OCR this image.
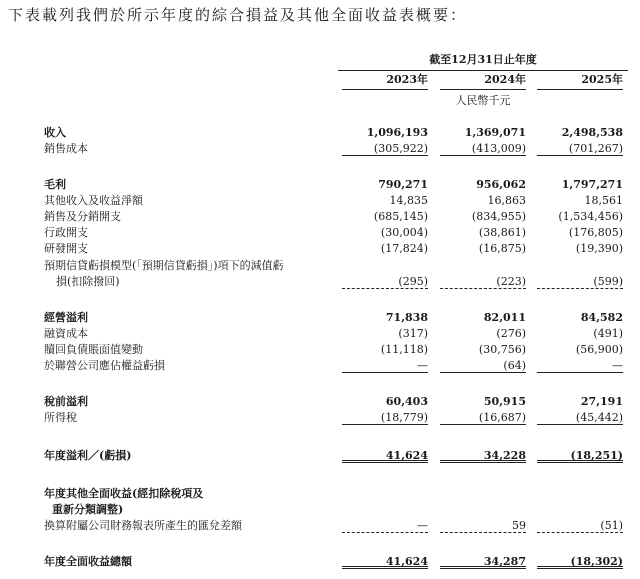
下表載列我們於所示年度的綜合損益及其他全面收益表概要：
截至12月31日止年度
2023年	2024年	2025年
人民幣千元
收入	1,096,193	1,369,071	2,498,538
銷售成本	(305,922)	(413,009)	(701,267)
毛利	790,271	956,062	1,797,271
其他收入及收益淨額	14,835	16,863	18,561
銷售及分銷開支	(685,145)	(834,955)	(1,534,456)
行政開支	(30,004)	(38,861)	(176,805)
研發開支	(17,824)	(16,875)	(19,390)
預期信貸虧損模型(「預期信貸虧損」)項下的減值虧
損(扣除撥回)	(295)	(223)	(599)
經營溢利	71,838	82,011	84,582
融資成本	(317)	(276)	(491)
贖回負債賬面值變動	(11,118)	(30,756)	(56,900)
於聯營公司應佔權益虧損	—	(64)	—
稅前溢利	60,403	50,915	27,191
所得稅	(18,779)	(16,687)	(45,442)
年度溢利／(虧損)	41,624	34,228	(18,251)
年度其他全面收益(經扣除稅項及
重新分類調整)
換算附屬公司財務報表所產生的匯兌差額	—	59	(51)
年度全面收益總額	41,624	34,287	(18,302)
